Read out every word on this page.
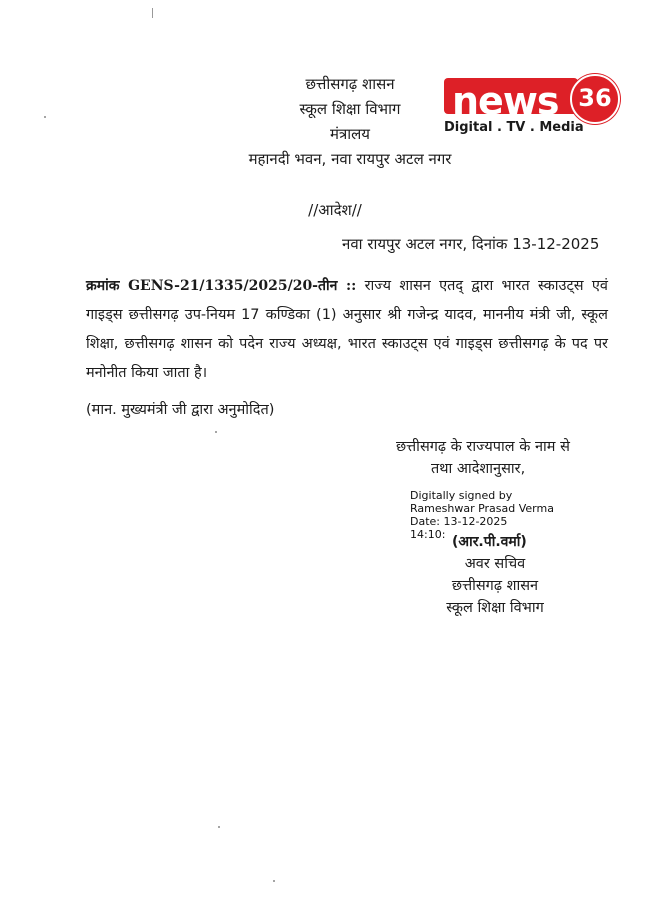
news 36
Digital . TV . Media
छत्तीसगढ़ शासन
स्कूल शिक्षा विभाग
मंत्रालय
महानदी भवन, नवा रायपुर अटल नगर
//आदेश//
नवा रायपुर अटल नगर, दिनांक 13-12-2025
क्रमांक GENS-21/1335/2025/20-तीन :: राज्य शासन एतद् द्वारा भारत स्काउट्स एवं गाइड्स छत्तीसगढ़ उप-नियम 17 कण्डिका (1) अनुसार श्री गजेन्द्र यादव, माननीय मंत्री जी, स्कूल शिक्षा, छत्तीसगढ़ शासन को पदेन राज्य अध्यक्ष, भारत स्काउट्स एवं गाइड्स छत्तीसगढ़ के पद पर मनोनीत किया जाता है।
(मान. मुख्यमंत्री जी द्वारा अनुमोदित)
छत्तीसगढ़ के राज्यपाल के नाम से
तथा आदेशानुसार,
Digitally signed by
Rameshwar Prasad Verma
Date: 13-12-2025
14:10: (आर.पी.वर्मा)
अवर सचिव
छत्तीसगढ़ शासन
स्कूल शिक्षा विभाग
